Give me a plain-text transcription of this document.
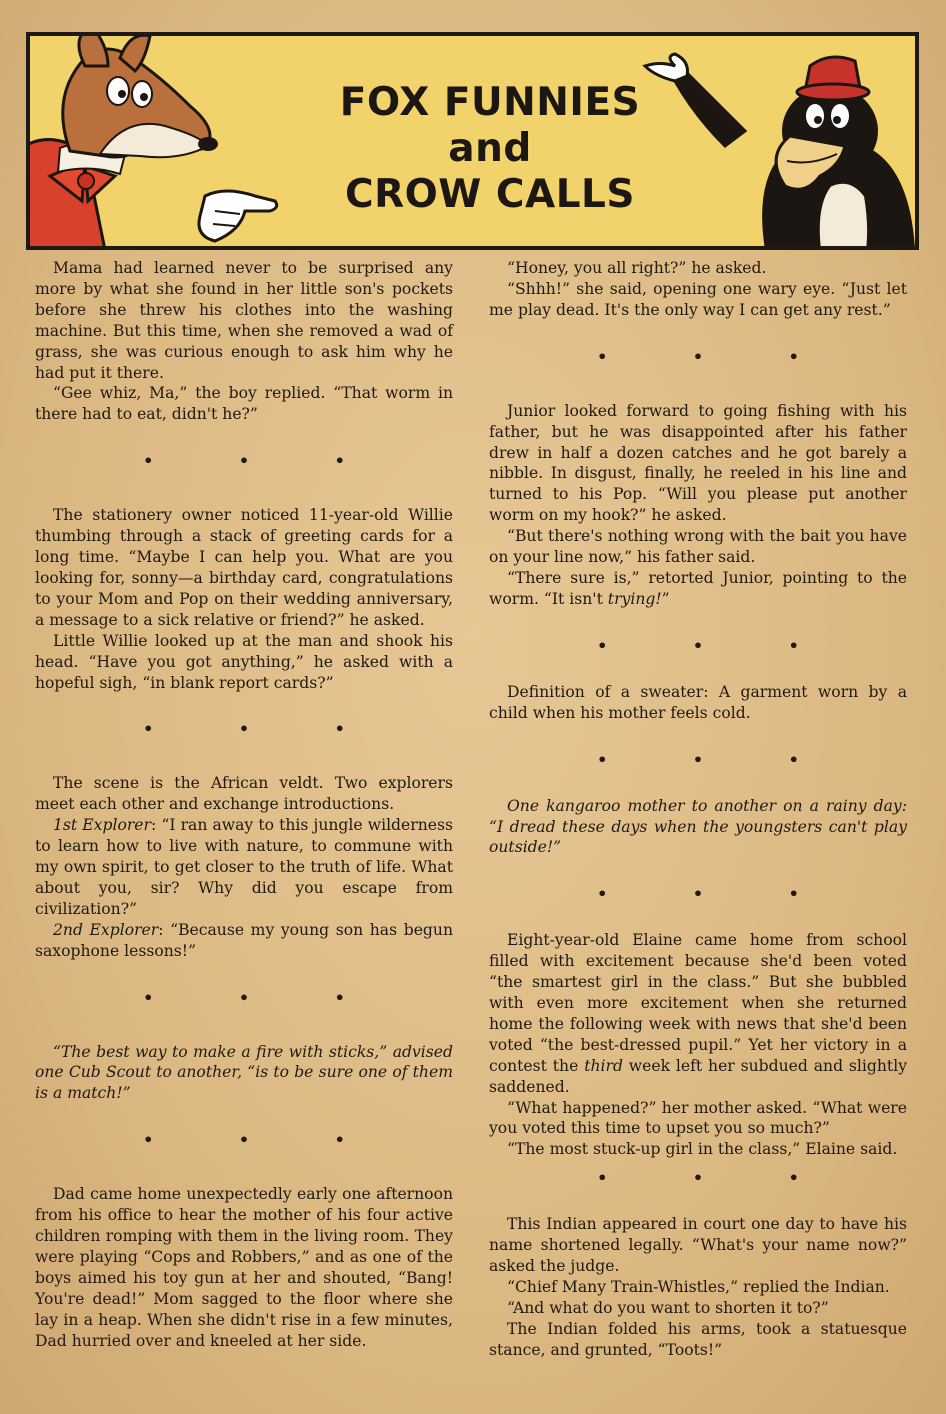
FOX FUNNIES
and
CROW CALLS

Mama had learned never to be surprised any more by what she found in her little son's pockets before she threw his clothes into the washing machine. But this time, when she removed a wad of grass, she was curious enough to ask him why he had put it there.

“Gee whiz, Ma,” the boy replied. “That worm in there had to eat, didn't he?”

• • •

The stationery owner noticed 11-year-old Willie thumbing through a stack of greeting cards for a long time. “Maybe I can help you. What are you looking for, sonny—a birthday card, congratulations to your Mom and Pop on their wedding anniversary, a message to a sick relative or friend?” he asked.

Little Willie looked up at the man and shook his head. “Have you got anything,” he asked with a hopeful sigh, “in blank report cards?”

• • •

The scene is the African veldt. Two explorers meet each other and exchange introductions.

1st Explorer: “I ran away to this jungle wilderness to learn how to live with nature, to commune with my own spirit, to get closer to the truth of life. What about you, sir? Why did you escape from civilization?”

2nd Explorer: “Because my young son has begun saxophone lessons!”

• • •

“The best way to make a fire with sticks,” advised one Cub Scout to another, “is to be sure one of them is a match!”

• • •

Dad came home unexpectedly early one afternoon from his office to hear the mother of his four active children romping with them in the living room. They were playing “Cops and Robbers,” and as one of the boys aimed his toy gun at her and shouted, “Bang! You're dead!” Mom sagged to the floor where she lay in a heap. When she didn't rise in a few minutes, Dad hurried over and kneeled at her side.

“Honey, you all right?” he asked.

“Shhh!” she said, opening one wary eye. “Just let me play dead. It's the only way I can get any rest.”

• • •

Junior looked forward to going fishing with his father, but he was disappointed after his father drew in half a dozen catches and he got barely a nibble. In disgust, finally, he reeled in his line and turned to his Pop. “Will you please put another worm on my hook?” he asked.

“But there's nothing wrong with the bait you have on your line now,” his father said.

“There sure is,” retorted Junior, pointing to the worm. “It isn't trying!”

• • •

Definition of a sweater: A garment worn by a child when his mother feels cold.

• • •

One kangaroo mother to another on a rainy day: “I dread these days when the youngsters can't play outside!”

• • •

Eight-year-old Elaine came home from school filled with excitement because she'd been voted “the smartest girl in the class.” But she bubbled with even more excitement when she returned home the following week with news that she'd been voted “the best-dressed pupil.” Yet her victory in a contest the third week left her subdued and slightly saddened.

“What happened?” her mother asked. “What were you voted this time to upset you so much?”

“The most stuck-up girl in the class,” Elaine said.

• • •

This Indian appeared in court one day to have his name shortened legally. “What's your name now?” asked the judge.

“Chief Many Train-Whistles,” replied the Indian.

“And what do you want to shorten it to?”

The Indian folded his arms, took a statuesque stance, and grunted, “Toots!”
